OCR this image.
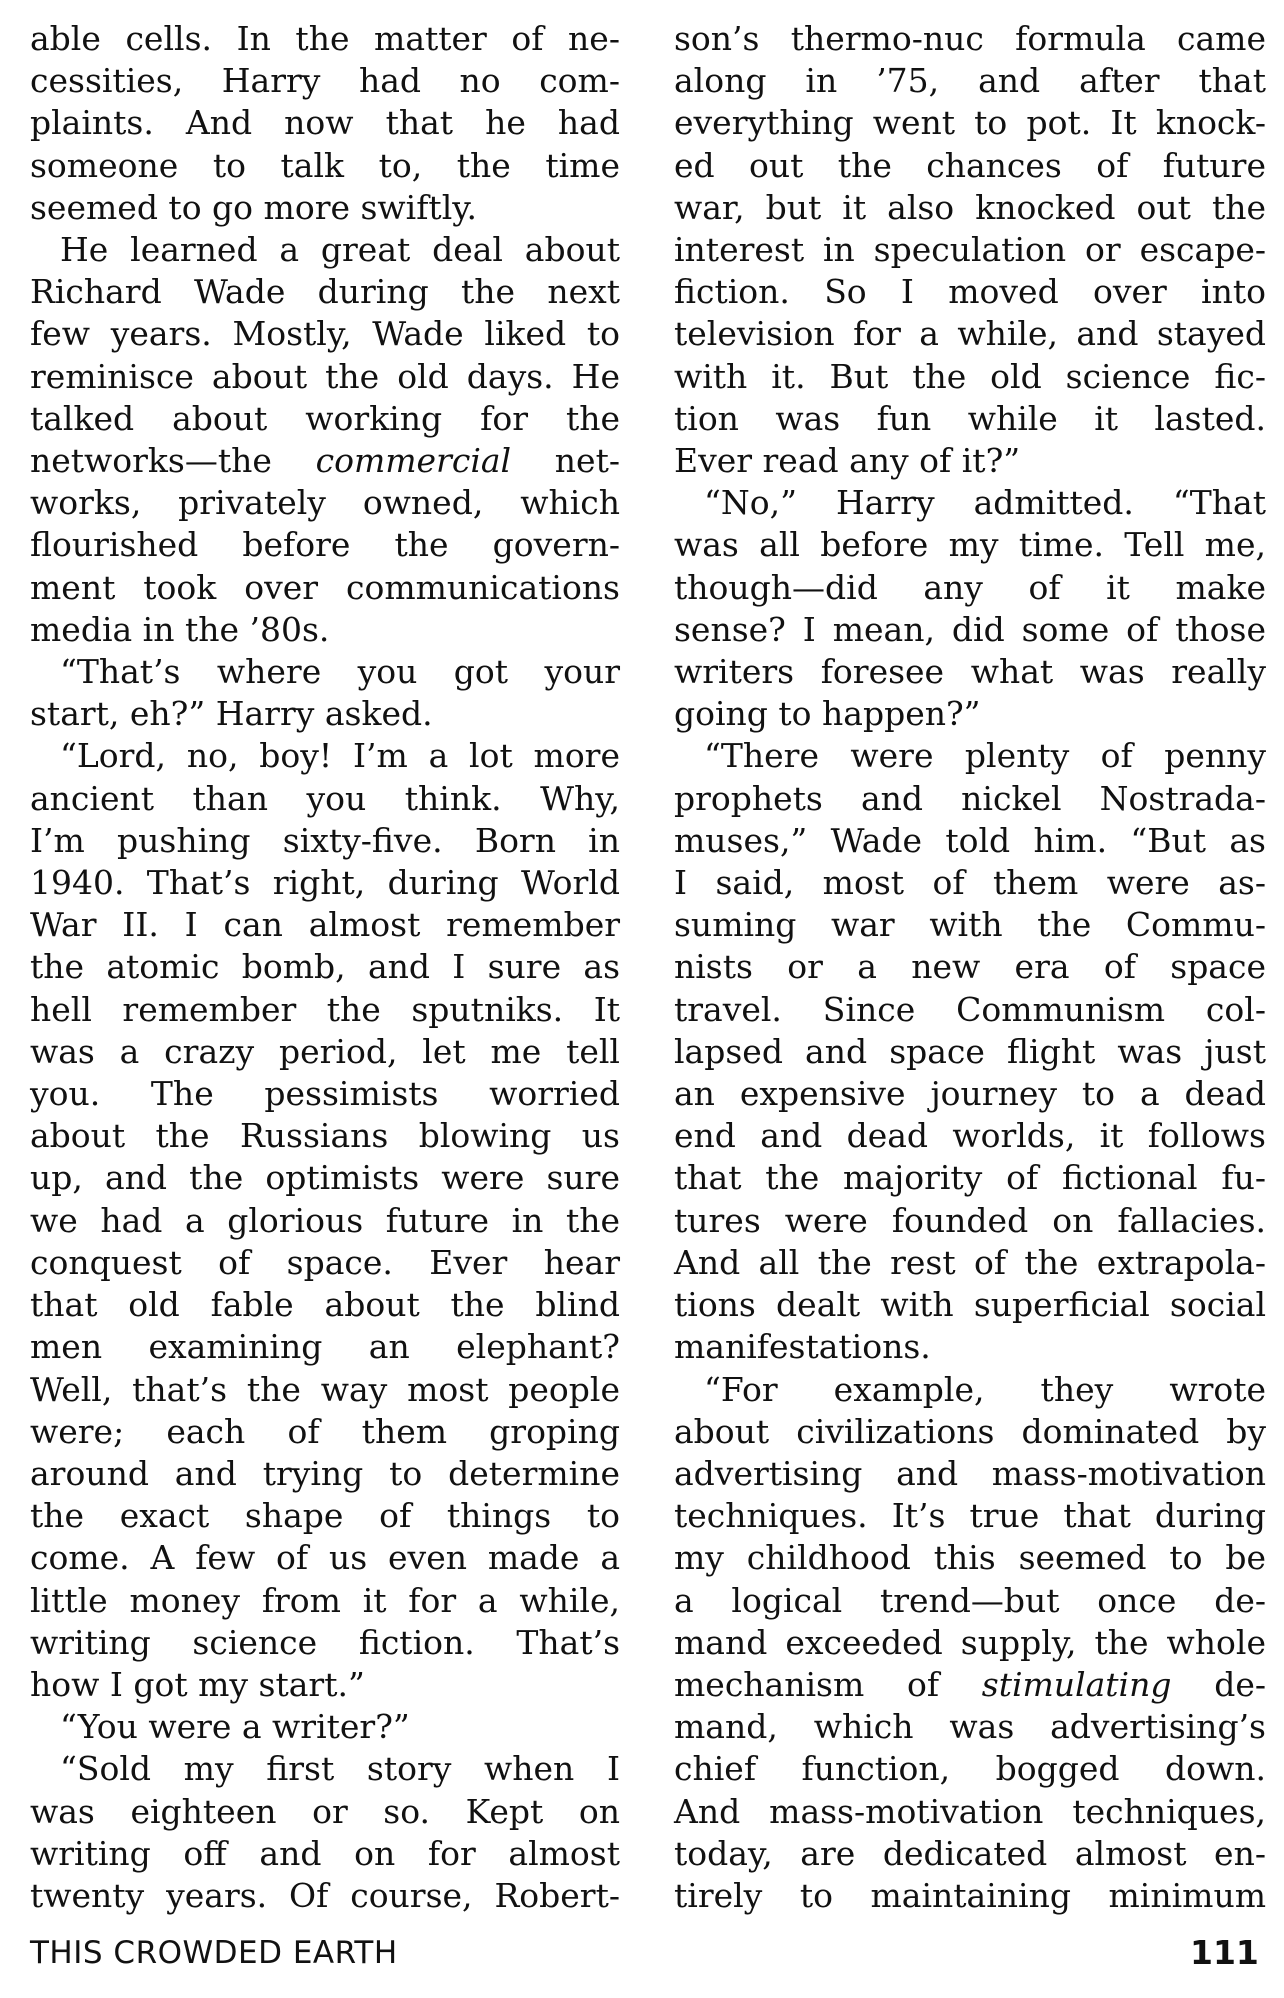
able cells. In the matter of ne-
cessities, Harry had no com-
plaints. And now that he had
someone to talk to, the time
seemed to go more swiftly.
He learned a great deal about
Richard Wade during the next
few years. Mostly, Wade liked to
reminisce about the old days. He
talked about working for the
networks—the commercial net-
works, privately owned, which
flourished before the govern-
ment took over communications
media in the ’80s.
“That’s where you got your
start, eh?” Harry asked.
“Lord, no, boy! I’m a lot more
ancient than you think. Why,
I’m pushing sixty-five. Born in
1940. That’s right, during World
War II. I can almost remember
the atomic bomb, and I sure as
hell remember the sputniks. It
was a crazy period, let me tell
you. The pessimists worried
about the Russians blowing us
up, and the optimists were sure
we had a glorious future in the
conquest of space. Ever hear
that old fable about the blind
men examining an elephant?
Well, that’s the way most people
were; each of them groping
around and trying to determine
the exact shape of things to
come. A few of us even made a
little money from it for a while,
writing science fiction. That’s
how I got my start.”
“You were a writer?”
“Sold my first story when I
was eighteen or so. Kept on
writing off and on for almost
twenty years. Of course, Robert-
son’s thermo-nuc formula came
along in ’75, and after that
everything went to pot. It knock-
ed out the chances of future
war, but it also knocked out the
interest in speculation or escape-
fiction. So I moved over into
television for a while, and stayed
with it. But the old science fic-
tion was fun while it lasted.
Ever read any of it?”
“No,” Harry admitted. “That
was all before my time. Tell me,
though—did any of it make
sense? I mean, did some of those
writers foresee what was really
going to happen?”
“There were plenty of penny
prophets and nickel Nostrada-
muses,” Wade told him. “But as
I said, most of them were as-
suming war with the Commu-
nists or a new era of space
travel. Since Communism col-
lapsed and space flight was just
an expensive journey to a dead
end and dead worlds, it follows
that the majority of fictional fu-
tures were founded on fallacies.
And all the rest of the extrapola-
tions dealt with superficial social
manifestations.
“For example, they wrote
about civilizations dominated by
advertising and mass-motivation
techniques. It’s true that during
my childhood this seemed to be
a logical trend—but once de-
mand exceeded supply, the whole
mechanism of stimulating de-
mand, which was advertising’s
chief function, bogged down.
And mass-motivation techniques,
today, are dedicated almost en-
tirely to maintaining minimum
THIS CROWDED EARTH	111
